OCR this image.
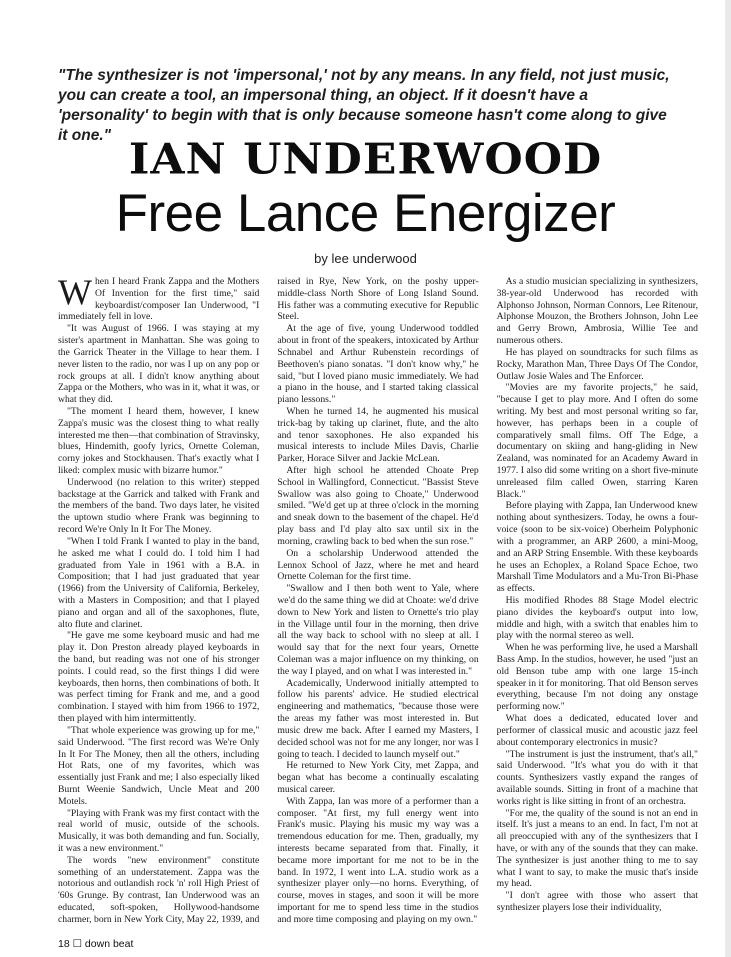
"The synthesizer is not 'impersonal,' not by any means. In any field, not just music, you can create a tool, an impersonal thing, an object. If it doesn't have a 'personality' to begin with that is only because someone hasn't come along to give it one." IAN UNDERWOOD
Free Lance Energizer
by lee underwood

When I heard Frank Zappa and the Mothers Of Invention for the first time," said keyboardist/composer Ian Underwood, "I immediately fell in love.

"It was August of 1966. I was staying at my sister's apartment in Manhattan. She was going to the Garrick Theater in the Village to hear them. I never listen to the radio, nor was I up on any pop or rock groups at all. I didn't know anything about Zappa or the Mothers, who was in it, what it was, or what they did.

"The moment I heard them, however, I knew Zappa's music was the closest thing to what really interested me then—that combination of Stravinsky, blues, Hindemith, goofy lyrics, Ornette Coleman, corny jokes and Stockhausen. That's exactly what I liked: complex music with bizarre humor."

Underwood (no relation to this writer) stepped backstage at the Garrick and talked with Frank and the members of the band. Two days later, he visited the uptown studio where Frank was beginning to record We're Only In It For The Money.

"When I told Frank I wanted to play in the band, he asked me what I could do. I told him I had graduated from Yale in 1961 with a B.A. in Composition; that I had just graduated that year (1966) from the University of California, Berkeley, with a Masters in Composition; and that I played piano and organ and all of the saxophones, flute, alto flute and clarinet.

"He gave me some keyboard music and had me play it. Don Preston already played keyboards in the band, but reading was not one of his stronger points. I could read, so the first things I did were keyboards, then horns, then combinations of both. It was perfect timing for Frank and me, and a good combination. I stayed with him from 1966 to 1972, then played with him intermittently.

"That whole experience was growing up for me," said Underwood. "The first record was We're Only In It For The Money, then all the others, including Hot Rats, one of my favorites, which was essentially just Frank and me; I also especially liked Burnt Weenie Sandwich, Uncle Meat and 200 Motels.

"Playing with Frank was my first contact with the real world of music, outside of the schools. Musically, it was both demanding and fun. Socially, it was a new environment."

The words "new environment" constitute something of an understatement. Zappa was the notorious and outlandish rock 'n' roll High Priest of '60s Grunge. By contrast, Ian Underwood was an educated, soft-spoken, Hollywood-handsome charmer, born in New York City, May 22, 1939, and raised in Rye, New York, on the poshy upper-middle-class North Shore of Long Island Sound. His father was a commuting executive for Republic Steel.

At the age of five, young Underwood toddled about in front of the speakers, intoxicated by Arthur Schnabel and Arthur Rubenstein recordings of Beethoven's piano sonatas. "I don't know why," he said, "but I loved piano music immediately. We had a piano in the house, and I started taking classical piano lessons."

When he turned 14, he augmented his musical trick-bag by taking up clarinet, flute, and the alto and tenor saxophones. He also expanded his musical interests to include Miles Davis, Charlie Parker, Horace Silver and Jackie McLean.

After high school he attended Choate Prep School in Wallingford, Connecticut. "Bassist Steve Swallow was also going to Choate," Underwood smiled. "We'd get up at three o'clock in the morning and sneak down to the basement of the chapel. He'd play bass and I'd play alto sax until six in the morning, crawling back to bed when the sun rose."

On a scholarship Underwood attended the Lennox School of Jazz, where he met and heard Ornette Coleman for the first time.

"Swallow and I then both went to Yale, where we'd do the same thing we did at Choate: we'd drive down to New York and listen to Ornette's trio play in the Village until four in the morning, then drive all the way back to school with no sleep at all. I would say that for the next four years, Ornette Coleman was a major influence on my thinking, on the way I played, and on what I was interested in."

Academically, Underwood initially attempted to follow his parents' advice. He studied electrical engineering and mathematics, "because those were the areas my father was most interested in. But music drew me back. After I earned my Masters, I decided school was not for me any longer, nor was I going to teach. I decided to launch myself out."

He returned to New York City, met Zappa, and began what has become a continually escalating musical career.

With Zappa, Ian was more of a performer than a composer. "At first, my full energy went into Frank's music. Playing his music my way was a tremendous education for me. Then, gradually, my interests became separated from that. Finally, it became more important for me not to be in the band. In 1972, I went into L.A. studio work as a synthesizer player only—no horns. Everything, of course, moves in stages, and soon it will be more important for me to spend less time in the studios and more time composing and playing on my own."

As a studio musician specializing in synthesizers, 38-year-old Underwood has recorded with Alphonso Johnson, Norman Connors, Lee Ritenour, Alphonse Mouzon, the Brothers Johnson, John Lee and Gerry Brown, Ambrosia, Willie Tee and numerous others.

He has played on soundtracks for such films as Rocky, Marathon Man, Three Days Of The Condor, Outlaw Josie Wales and The Enforcer.

"Movies are my favorite projects," he said, "because I get to play more. And I often do some writing. My best and most personal writing so far, however, has perhaps been in a couple of comparatively small films. Off The Edge, a documentary on skiing and hang-gliding in New Zealand, was nominated for an Academy Award in 1977. I also did some writing on a short five-minute unreleased film called Owen, starring Karen Black."

Before playing with Zappa, Ian Underwood knew nothing about synthesizers. Today, he owns a four-voice (soon to be six-voice) Oberheim Polyphonic with a programmer, an ARP 2600, a mini-Moog, and an ARP String Ensemble. With these keyboards he uses an Echoplex, a Roland Space Echoe, two Marshall Time Modulators and a Mu-Tron Bi-Phase as effects.

His modified Rhodes 88 Stage Model electric piano divides the keyboard's output into low, middle and high, with a switch that enables him to play with the normal stereo as well.

When he was performing live, he used a Marshall Bass Amp. In the studios, however, he used "just an old Benson tube amp with one large 15-inch speaker in it for monitoring. That old Benson serves everything, because I'm not doing any onstage performing now."

What does a dedicated, educated lover and performer of classical music and acoustic jazz feel about contemporary electronics in music?

"The instrument is just the instrument, that's all," said Underwood. "It's what you do with it that counts. Synthesizers vastly expand the ranges of available sounds. Sitting in front of a machine that works right is like sitting in front of an orchestra.

"For me, the quality of the sound is not an end in itself. It's just a means to an end. In fact, I'm not at all preoccupied with any of the synthesizers that I have, or with any of the sounds that they can make. The synthesizer is just another thing to me to say what I want to say, to make the music that's inside my head.

"I don't agree with those who assert that synthesizer players lose their individuality,

18 ☐ down beat
